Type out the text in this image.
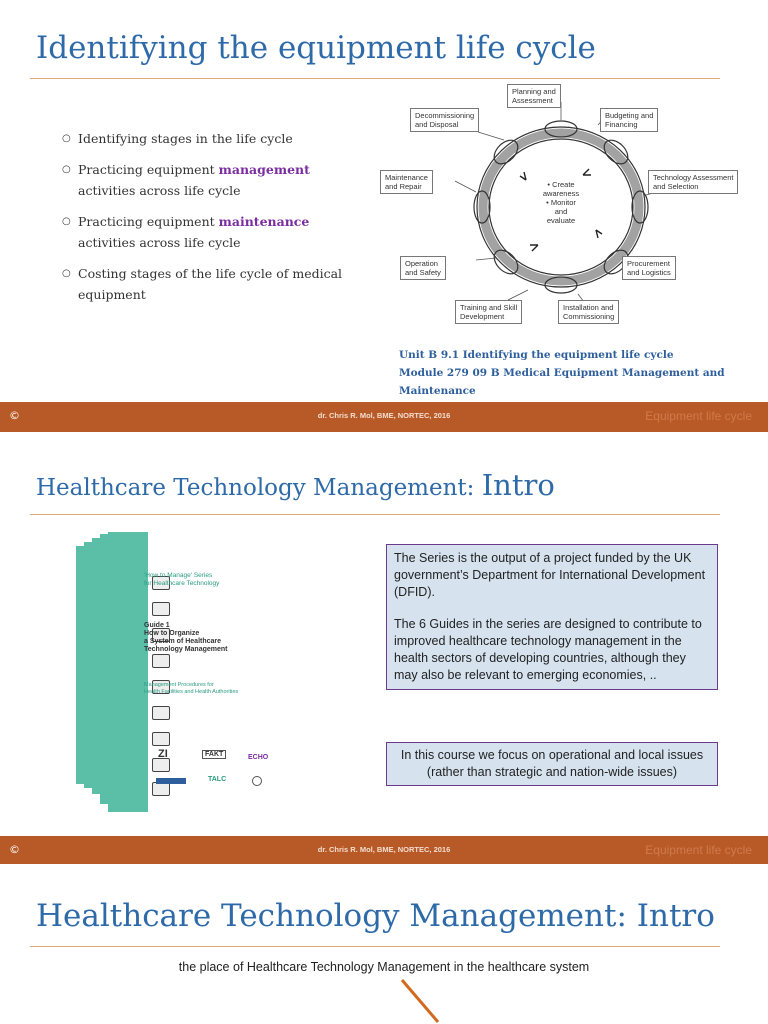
Identifying the equipment life cycle
○ Identifying stages in the life cycle
○ Practicing equipment management activities across life cycle
○ Practicing equipment maintenance activities across life cycle
○ Costing stages of the life cycle of medical equipment
Planning and
Assessment
Budgeting and
Financing
Technology Assessment
and Selection
Procurement
and Logistics
Installation and
Commissioning
Training and Skill
Development
Operation
and Safety
Maintenance
and Repair
Decommissioning
and Disposal
• Create
awareness
• Monitor
and
evaluate
Unit B 9.1 Identifying the equipment life cycle
Module 279 09 B Medical Equipment Management and Maintenance
©	dr. Chris R. Mol, BME, NORTEC, 2016	Equipment life cycle
Healthcare Technology Management: Intro
'How to Manage' Series
for Healthcare Technology
Guide 1
How to Organize
a System of Healthcare
Technology Management
Management Procedures for
Health Facilities and Health Authorities
ZI	FAKT	ECHO
TALC

The Series is the output of a project funded by the UK government’s Department for International Development (DFID).

The 6 Guides in the series are designed to contribute to improved healthcare technology management in the health sectors of developing countries, although they may also be relevant to emerging economies, ..

In this course we focus on operational and local issues (rather than strategic and nation-wide issues)
©	dr. Chris R. Mol, BME, NORTEC, 2016	Equipment life cycle
Healthcare Technology Management: Intro
the place of Healthcare Technology Management in the healthcare system
